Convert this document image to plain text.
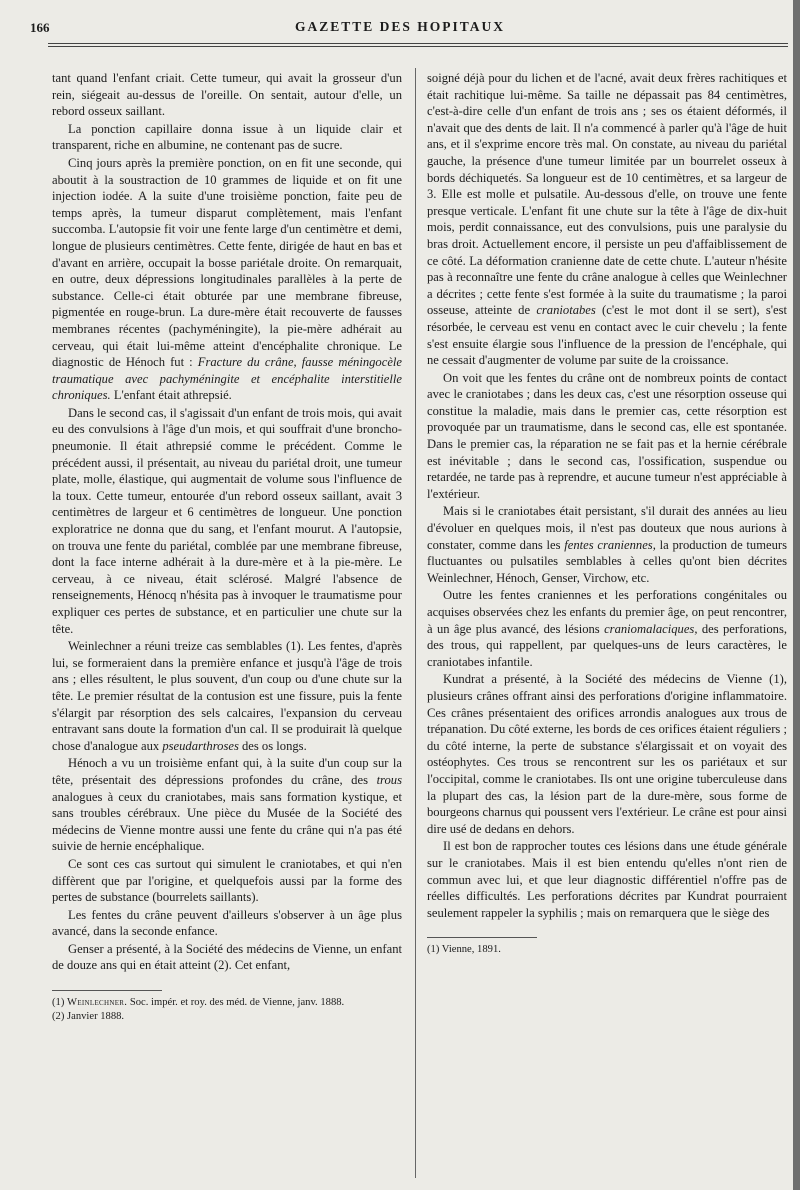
166	GAZETTE DES HOPITAUX

tant quand l'enfant criait. Cette tumeur, qui avait la grosseur d'un rein, siégeait au-dessus de l'oreille. On sentait, autour d'elle, un rebord osseux saillant.

La ponction capillaire donna issue à un liquide clair et transparent, riche en albumine, ne contenant pas de sucre.

Cinq jours après la première ponction, on en fit une seconde, qui aboutit à la soustraction de 10 grammes de liquide et on fit une injection iodée. A la suite d'une troisième ponction, faite peu de temps après, la tumeur disparut complètement, mais l'enfant succomba. L'autopsie fit voir une fente large d'un centimètre et demi, longue de plusieurs centimètres. Cette fente, dirigée de haut en bas et d'avant en arrière, occupait la bosse pariétale droite. On remarquait, en outre, deux dépressions longitudinales parallèles à la perte de substance. Celle-ci était obturée par une membrane fibreuse, pigmentée en rouge-brun. La dure-mère était recouverte de fausses membranes récentes (pachyméningite), la pie-mère adhérait au cerveau, qui était lui-même atteint d'encéphalite chronique. Le diagnostic de Hénoch fut : Fracture du crâne, fausse méningocèle traumatique avec pachyméningite et encéphalite interstitielle chroniques. L'enfant était athrepsié.

Dans le second cas, il s'agissait d'un enfant de trois mois, qui avait eu des convulsions à l'âge d'un mois, et qui souffrait d'une broncho-pneumonie. Il était athrepsié comme le précédent. Comme le précédent aussi, il présentait, au niveau du pariétal droit, une tumeur plate, molle, élastique, qui augmentait de volume sous l'influence de la toux. Cette tumeur, entourée d'un rebord osseux saillant, avait 3 centimètres de largeur et 6 centimètres de longueur. Une ponction exploratrice ne donna que du sang, et l'enfant mourut. A l'autopsie, on trouva une fente du pariétal, comblée par une membrane fibreuse, dont la face interne adhérait à la dure-mère et à la pie-mère. Le cerveau, à ce niveau, était sclérosé. Malgré l'absence de renseignements, Hénocq n'hésita pas à invoquer le traumatisme pour expliquer ces pertes de substance, et en particulier une chute sur la tête.

Weinlechner a réuni treize cas semblables (1). Les fentes, d'après lui, se formeraient dans la première enfance et jusqu'à l'âge de trois ans ; elles résultent, le plus souvent, d'un coup ou d'une chute sur la tête. Le premier résultat de la contusion est une fissure, puis la fente s'élargit par résorption des sels calcaires, l'expansion du cerveau entravant sans doute la formation d'un cal. Il se produirait là quelque chose d'analogue aux pseudarthroses des os longs.

Hénoch a vu un troisième enfant qui, à la suite d'un coup sur la tête, présentait des dépressions profondes du crâne, des trous analogues à ceux du craniotabes, mais sans formation kystique, et sans troubles cérébraux. Une pièce du Musée de la Société des médecins de Vienne montre aussi une fente du crâne qui n'a pas été suivie de hernie encéphalique.

Ce sont ces cas surtout qui simulent le craniotabes, et qui n'en diffèrent que par l'origine, et quelquefois aussi par la forme des pertes de substance (bourrelets saillants).

Les fentes du crâne peuvent d'ailleurs s'observer à un âge plus avancé, dans la seconde enfance.

Genser a présenté, à la Société des médecins de Vienne, un enfant de douze ans qui en était atteint (2). Cet enfant,

(1) Weinlechner. Soc. impér. et roy. des méd. de Vienne, janv. 1888.

(2) Janvier 1888.

soigné déjà pour du lichen et de l'acné, avait deux frères rachitiques et était rachitique lui-même. Sa taille ne dépassait pas 84 centimètres, c'est-à-dire celle d'un enfant de trois ans ; ses os étaient déformés, il n'avait que des dents de lait. Il n'a commencé à parler qu'à l'âge de huit ans, et il s'exprime encore très mal. On constate, au niveau du pariétal gauche, la présence d'une tumeur limitée par un bourrelet osseux à bords déchiquetés. Sa longueur est de 10 centimètres, et sa largeur de 3. Elle est molle et pulsatile. Au-dessous d'elle, on trouve une fente presque verticale. L'enfant fit une chute sur la tête à l'âge de dix-huit mois, perdit connaissance, eut des convulsions, puis une paralysie du bras droit. Actuellement encore, il persiste un peu d'affaiblissement de ce côté. La déformation cranienne date de cette chute. L'auteur n'hésite pas à reconnaître une fente du crâne analogue à celles que Weinlechner a décrites ; cette fente s'est formée à la suite du traumatisme ; la paroi osseuse, atteinte de craniotabes (c'est le mot dont il se sert), s'est résorbée, le cerveau est venu en contact avec le cuir chevelu ; la fente s'est ensuite élargie sous l'influence de la pression de l'encéphale, qui ne cessait d'augmenter de volume par suite de la croissance.

On voit que les fentes du crâne ont de nombreux points de contact avec le craniotabes ; dans les deux cas, c'est une résorption osseuse qui constitue la maladie, mais dans le premier cas, cette résorption est provoquée par un traumatisme, dans le second cas, elle est spontanée. Dans le premier cas, la réparation ne se fait pas et la hernie cérébrale est inévitable ; dans le second cas, l'ossification, suspendue ou retardée, ne tarde pas à reprendre, et aucune tumeur n'est appréciable à l'extérieur.

Mais si le craniotabes était persistant, s'il durait des années au lieu d'évoluer en quelques mois, il n'est pas douteux que nous aurions à constater, comme dans les fentes craniennes, la production de tumeurs fluctuantes ou pulsatiles semblables à celles qu'ont bien décrites Weinlechner, Hénoch, Genser, Virchow, etc.

Outre les fentes craniennes et les perforations congénitales ou acquises observées chez les enfants du premier âge, on peut rencontrer, à un âge plus avancé, des lésions craniomalaciques, des perforations, des trous, qui rappellent, par quelques-uns de leurs caractères, le craniotabes infantile.

Kundrat a présenté, à la Société des médecins de Vienne (1), plusieurs crânes offrant ainsi des perforations d'origine inflammatoire. Ces crânes présentaient des orifices arrondis analogues aux trous de trépanation. Du côté externe, les bords de ces orifices étaient réguliers ; du côté interne, la perte de substance s'élargissait et on voyait des ostéophytes. Ces trous se rencontrent sur les os pariétaux et sur l'occipital, comme le craniotabes. Ils ont une origine tuberculeuse dans la plupart des cas, la lésion part de la dure-mère, sous forme de bourgeons charnus qui poussent vers l'extérieur. Le crâne est pour ainsi dire usé de dedans en dehors.

Il est bon de rapprocher toutes ces lésions dans une étude générale sur le craniotabes. Mais il est bien entendu qu'elles n'ont rien de commun avec lui, et que leur diagnostic différentiel n'offre pas de réelles difficultés. Les perforations décrites par Kundrat pourraient seulement rappeler la syphilis ; mais on remarquera que le siège des

(1) Vienne, 1891.
